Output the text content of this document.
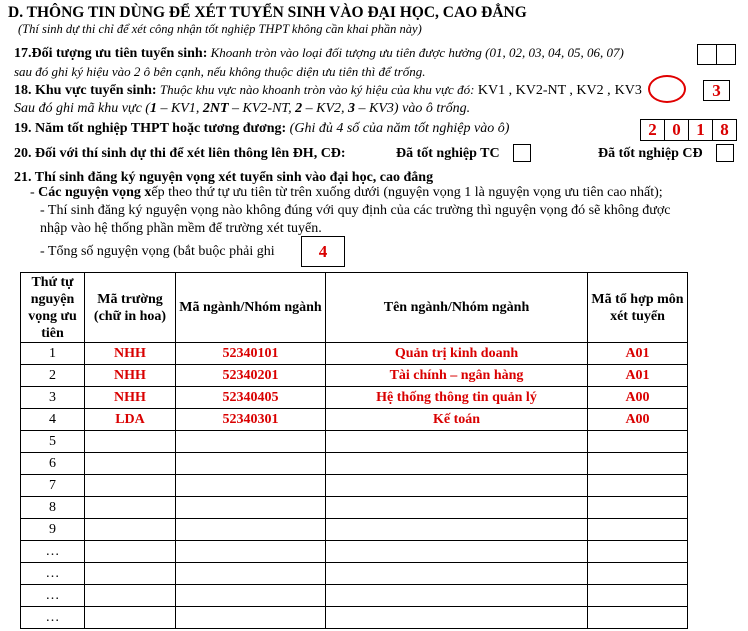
D. THÔNG TIN DÙNG ĐỂ XÉT TUYỂN SINH VÀO ĐẠI HỌC, CAO ĐẲNG
(Thí sinh dự thi chỉ để xét công nhận tốt nghiệp THPT không cần khai phần này)
17.Đối tượng ưu tiên tuyển sinh: Khoanh tròn vào loại đối tượng ưu tiên được hưởng (01, 02, 03, 04, 05, 06, 07)
sau đó ghi ký hiệu vào 2 ô bên cạnh, nếu không thuộc diện ưu tiên thì để trống.
18. Khu vực tuyển sinh: Thuộc khu vực nào khoanh tròn vào ký hiệu của khu vực đó: KV1 , KV2-NT , KV2 , KV3	3
Sau đó ghi mã khu vực (1 – KV1, 2NT – KV2-NT, 2 – KV2, 3 – KV3) vào ô trống.
19. Năm tốt nghiệp THPT hoặc tương đương: (Ghi đủ 4 số của năm tốt nghiệp vào ô)	2 0 1 8
20. Đối với thí sinh dự thi để xét liên thông lên ĐH, CĐ:	Đã tốt nghiệp TC	Đã tốt nghiệp CĐ
21. Thí sinh đăng ký nguyện vọng xét tuyển sinh vào đại học, cao đẳng
- Các nguyện vọng xếp theo thứ tự ưu tiên từ trên xuống dưới (nguyện vọng 1 là nguyện vọng ưu tiên cao nhất);
- Thí sinh đăng ký nguyện vọng nào không đúng với quy định của các trường thì nguyện vọng đó sẽ không được
nhập vào hệ thống phần mềm để trường xét tuyển.
- Tổng số nguyện vọng (bắt buộc phải ghi	4
Thứ tự nguyện vọng ưu tiên	Mã trường (chữ in hoa)	Mã ngành/Nhóm ngành	Tên ngành/Nhóm ngành	Mã tổ hợp môn xét tuyển
1	NHH	52340101	Quản trị kinh doanh	A01
2	NHH	52340201	Tài chính – ngân hàng	A01
3	NHH	52340405	Hệ thống thông tin quản lý	A00
4	LDA	52340301	Kế toán	A00
5				
6				
7				
8				
9				
…				
…				
…				
…				
